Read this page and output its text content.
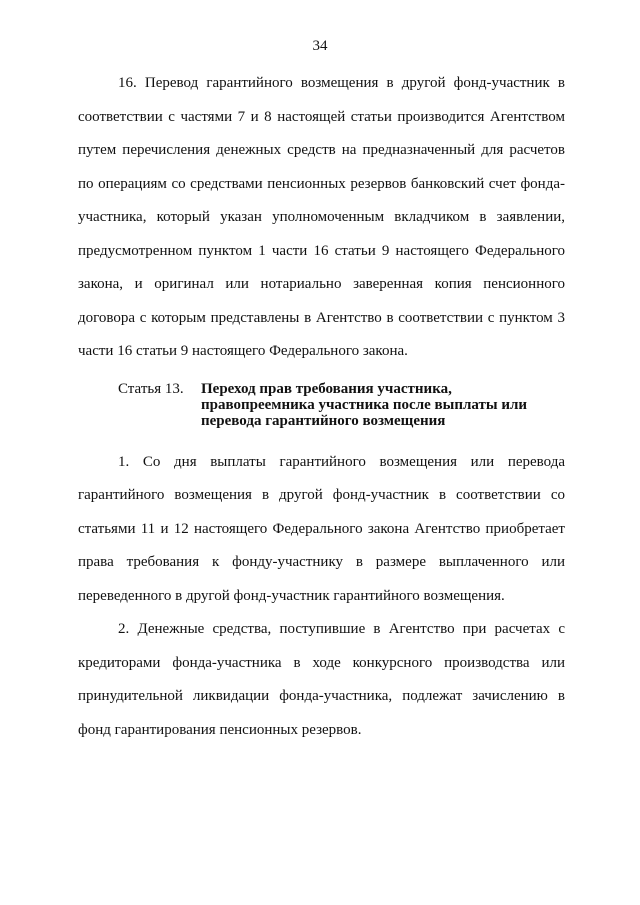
34
16. Перевод гарантийного возмещения в другой фонд-участник в
соответствии с частями 7 и 8 настоящей статьи производится Агентством
путем перечисления денежных средств на предназначенный для расчетов
по операциям со средствами пенсионных резервов банковский счет фонда-
участника, который указан уполномоченным вкладчиком в заявлении,
предусмотренном пунктом 1 части 16 статьи 9 настоящего Федерального
закона, и оригинал или нотариально заверенная копия пенсионного
договора с которым представлены в Агентство в соответствии с пунктом 3
части 16 статьи 9 настоящего Федерального закона.
Статья 13. Переход прав требования участника,
правопреемника участника после выплаты или
перевода гарантийного возмещения
1. Со дня выплаты гарантийного возмещения или перевода
гарантийного возмещения в другой фонд-участник в соответствии со
статьями 11 и 12 настоящего Федерального закона Агентство приобретает
права требования к фонду-участнику в размере выплаченного или
переведенного в другой фонд-участник гарантийного возмещения.
2. Денежные средства, поступившие в Агентство при расчетах с
кредиторами фонда-участника в ходе конкурсного производства или
принудительной ликвидации фонда-участника, подлежат зачислению в
фонд гарантирования пенсионных резервов.
